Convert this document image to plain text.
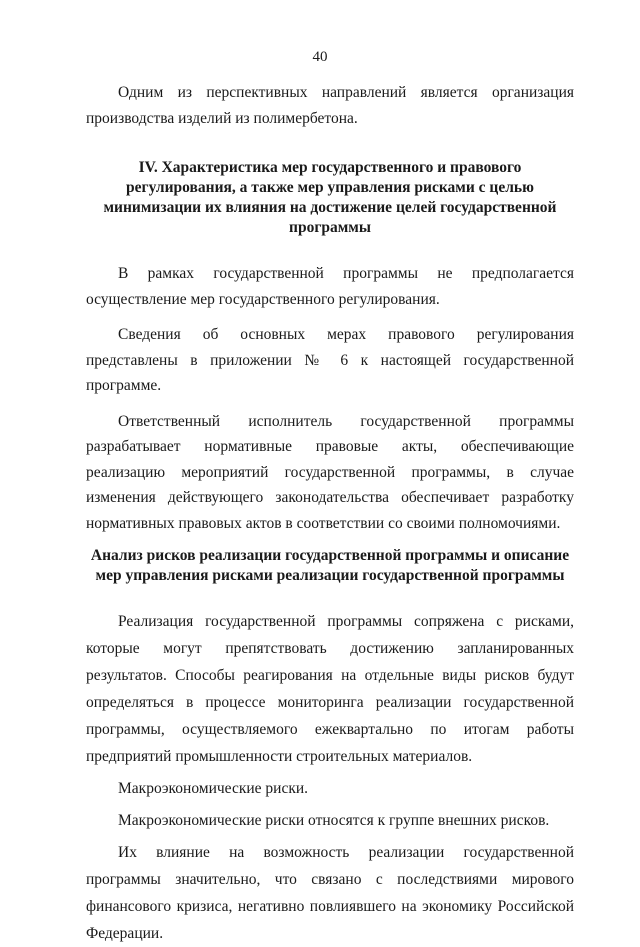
40

Одним из перспективных направлений является организация производства изделий из полимербетона.

IV. Характеристика мер государственного и правового регулирования, а также мер управления рисками с целью минимизации их влияния на достижение целей государственной программы

В рамках государственной программы не предполагается осуществление мер государственного регулирования.

Сведения об основных мерах правового регулирования представлены в приложении № 6 к настоящей государственной программе.

Ответственный исполнитель государственной программы разрабатывает нормативные правовые акты, обеспечивающие реализацию мероприятий государственной программы, в случае изменения действующего законодательства обеспечивает разработку нормативных правовых актов в соответствии со своими полномочиями.

Анализ рисков реализации государственной программы и описание мер управления рисками реализации государственной программы

Реализация государственной программы сопряжена с рисками, которые могут препятствовать достижению запланированных результатов. Способы реагирования на отдельные виды рисков будут определяться в процессе мониторинга реализации государственной программы, осуществляемого ежеквартально по итогам работы предприятий промышленности строительных материалов.

Макроэкономические риски.

Макроэкономические риски относятся к группе внешних рисков.

Их влияние на возможность реализации государственной программы значительно, что связано с последствиями мирового финансового кризиса, негативно повлиявшего на экономику Российской Федерации.
